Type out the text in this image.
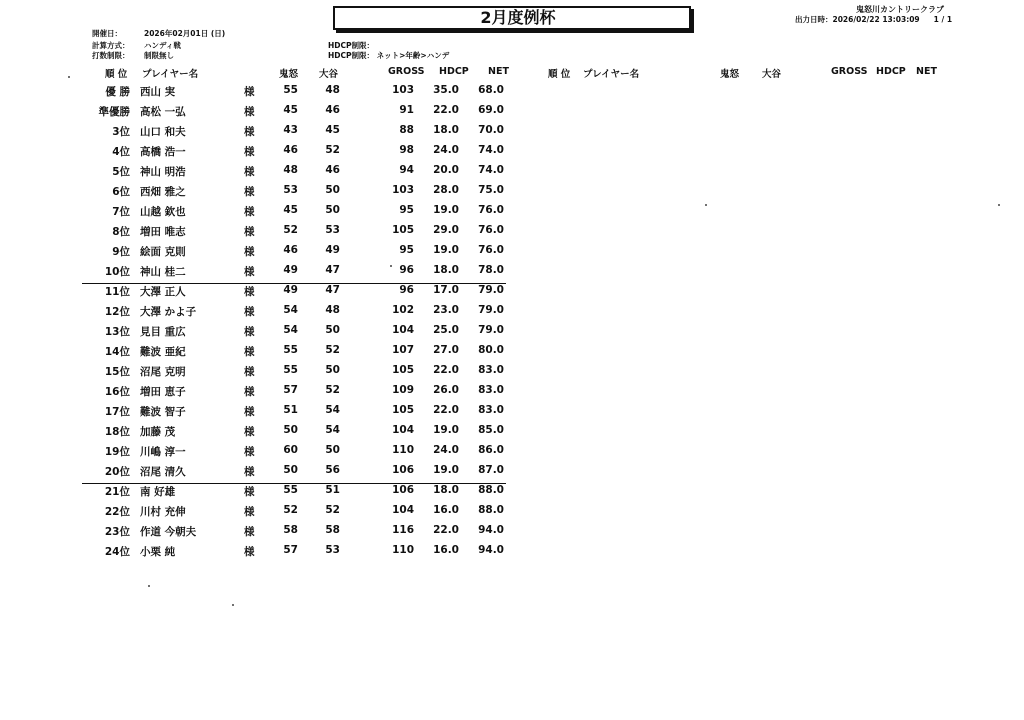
2月度例杯	鬼怒川カントリークラブ
出力日時：2026/02/22 13:03:09 1 / 1
開催日：	2026年02月01日 (日)
計算方式： ハンディ戦
打数制限： 制限無し
HDCP制限：
HDCP制限： ネット>年齢>ハンデ
順 位 プレイヤー名	鬼怒 大谷	GROSS HDCP NET	順 位 プレイヤー名	鬼怒 大谷	GROSS HDCP NET
優 勝 西山 実	様	55	48	103	35.0	68.0
準優勝 高松 一弘	様	45	46	91	22.0	69.0
3位 山口 和夫	様	43	45	88	18.0	70.0
4位 高橋 浩一	様	46	52	98	24.0	74.0
5位 神山 明浩	様	48	46	94	20.0	74.0
6位 西畑 雅之	様	53	50	103	28.0	75.0
7位 山越 欽也	様	45	50	95	19.0	76.0
8位 増田 唯志	様	52	53	105	29.0	76.0
9位 絵面 克則	様	46	49	95	19.0	76.0
10位 神山 桂二	様	49	47	96	18.0	78.0
11位 大澤 正人	様	49	47	96	17.0	79.0
12位 大澤 かよ子	様	54	48	102	23.0	79.0
13位 見目 重広	様	54	50	104	25.0	79.0
14位 難波 亜紀	様	55	52	107	27.0	80.0
15位 沼尾 克明	様	55	50	105	22.0	83.0
16位 増田 恵子	様	57	52	109	26.0	83.0
17位 難波 智子	様	51	54	105	22.0	83.0
18位 加藤 茂	様	50	54	104	19.0	85.0
19位 川嶋 淳一	様	60	50	110	24.0	86.0
20位 沼尾 清久	様	50	56	106	19.0	87.0
21位 南 好雄	様	55	51	106	18.0	88.0
22位 川村 充伸	様	52	52	104	16.0	88.0
23位 作道 今朝夫	様	58	58	116	22.0	94.0
24位 小栗 純	様	57	53	110	16.0	94.0
